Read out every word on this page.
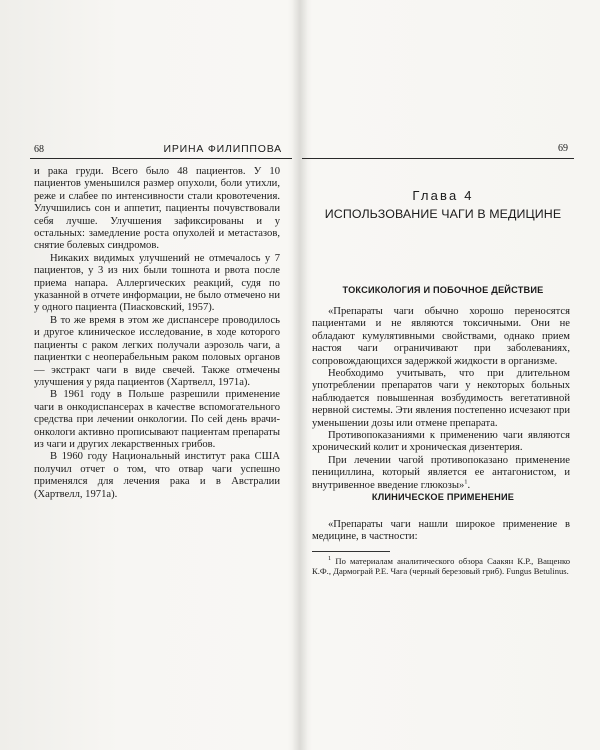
68	ИРИНА ФИЛИППОВА

и рака груди. Всего было 48 пациентов. У 10 пациентов уменьшился размер опухоли, боли утихли, реже и слабее по интенсивности стали кровотечения. Улучшились сон и аппетит, пациенты почувствовали себя лучше. Улучшения зафиксированы и у остальных: замедление роста опухолей и метастазов, снятие болевых синдромов.

Никаких видимых улучшений не отмечалось у 7 пациентов, у 3 из них были тошнота и рвота после приема напара. Аллергических реакций, судя по указанной в отчете информации, не было отмечено ни у одного пациента (Пиасковский, 1957).

В то же время в этом же диспансере проводилось и другое клиническое исследование, в ходе которого пациенты с раком легких получали аэрозоль чаги, а пациентки с неоперабельным раком половых органов — экстракт чаги в виде свечей. Также отмечены улучшения у ряда пациентов (Хартвелл, 1971а).

В 1961 году в Польше разрешили применение чаги в онкодиспансерах в качестве вспомогательного средства при лечении онкологии. По сей день врачи-онкологи активно прописывают пациентам препараты из чаги и других лекарственных грибов.

В 1960 году Национальный институт рака США получил отчет о том, что отвар чаги успешно применялся для лечения рака и в Австралии (Хартвелл, 1971а).

69
Глава 4
ИСПОЛЬЗОВАНИЕ ЧАГИ В МЕДИЦИНЕ
ТОКСИКОЛОГИЯ И ПОБОЧНОЕ ДЕЙСТВИЕ

«Препараты чаги обычно хорошо переносятся пациентами и не являются токсичными. Они не обладают кумулятивными свойствами, однако прием настоя чаги ограничивают при заболеваниях, сопровождающихся задержкой жидкости в организме.

Необходимо учитывать, что при длительном употреблении препаратов чаги у некоторых больных наблюдается повышенная возбудимость вегетативной нервной системы. Эти явления постепенно исчезают при уменьшении дозы или отмене препарата.

Противопоказаниями к применению чаги являются хронический колит и хроническая дизентерия.

При лечении чагой противопоказано применение пенициллина, который является ее антагонистом, и внутривенное введение глюкозы»$^1$.

КЛИНИЧЕСКОЕ ПРИМЕНЕНИЕ

«Препараты чаги нашли широкое применение в медицине, в частности:

$^1$ По материалам аналитического обзора Саакян К.Р., Ващенко К.Ф., Дармограй Р.Е. Чага (черный березовый гриб). Fungus Betulinus.
